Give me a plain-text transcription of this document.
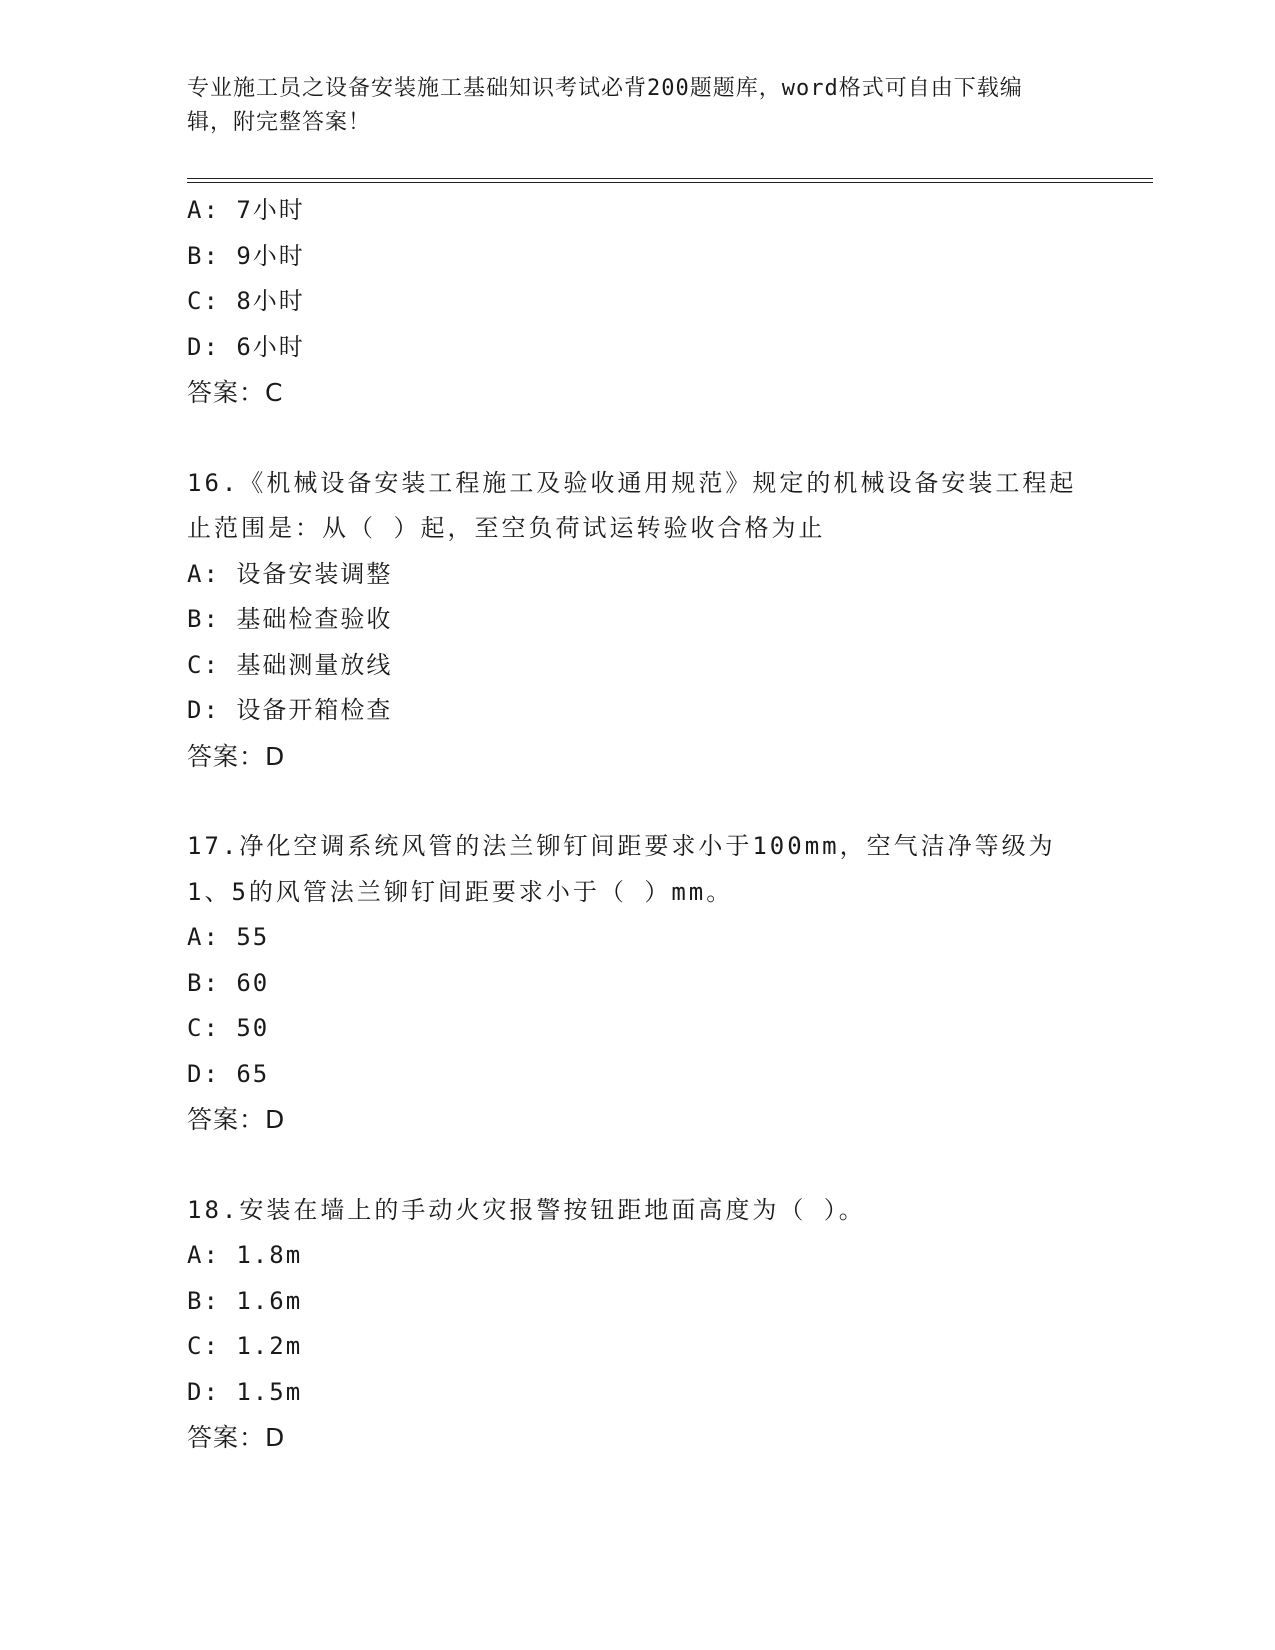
专业施工员之设备安装施工基础知识考试必背200题题库，word格式可自由下载编辑，附完整答案！
A: 7小时
B: 9小时
C: 8小时
D: 6小时
答案：C
16.《机械设备安装工程施工及验收通用规范》规定的机械设备安装工程起止范围是：从（ ）起，至空负荷试运转验收合格为止
A: 设备安装调整
B: 基础检查验收
C: 基础测量放线
D: 设备开箱检查
答案：D
17.净化空调系统风管的法兰铆钉间距要求小于100mm，空气洁净等级为1、5的风管法兰铆钉间距要求小于（ ）mm。
A: 55
B: 60
C: 50
D: 65
答案：D
18.安装在墙上的手动火灾报警按钮距地面高度为（ ）。
A: 1.8m
B: 1.6m
C: 1.2m
D: 1.5m
答案：D
